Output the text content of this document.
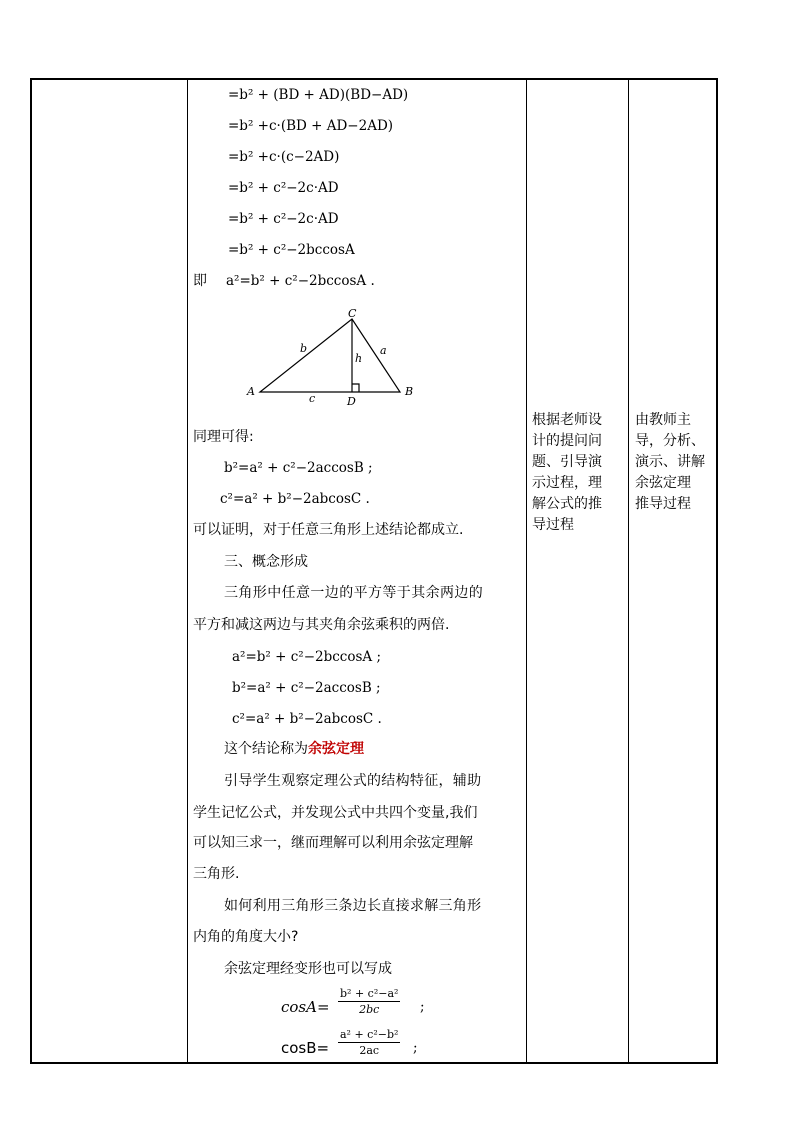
=b² + (BD + AD)(BD−AD)
=b² +c·(BD + AD−2AD)
=b² +c·(c−2AD)
=b² + c²−2c·AD
=b² + c²−2c·AD
=b² + c²−2bccosA
即 a²=b² + c²−2bccosA .
A	B
C
D
a
b
c
h
同理可得:
b²=a² + c²−2accosB ;
c²=a² + b²−2abcosC .
可以证明，对于任意三角形上述结论都成立.
三、概念形成
三角形中任意一边的平方等于其余两边的
平方和减这两边与其夹角余弦乘积的两倍.
a²=b² + c²−2bccosA ;
b²=a² + c²−2accosB ;
c²=a² + b²−2abcosC .
这个结论称为余弦定理
引导学生观察定理公式的结构特征，辅助
学生记忆公式，并发现公式中共四个变量,我们
可以知三求一，继而理解可以利用余弦定理解
三角形.
如何利用三角形三条边长直接求解三角形
内角的角度大小?
余弦定理经变形也可以写成
$\cos A= \frac{\text{b² + c²−a²}}{2bc}$ ;
$\cos B= \frac{\text{a² + c²−b²}}{2ac}$ ;
根据老师设
计的提问问
题、引导演
示过程，理
解公式的推
导过程
由教师主
导，分析、
演示、讲解
余弦定理
推导过程
